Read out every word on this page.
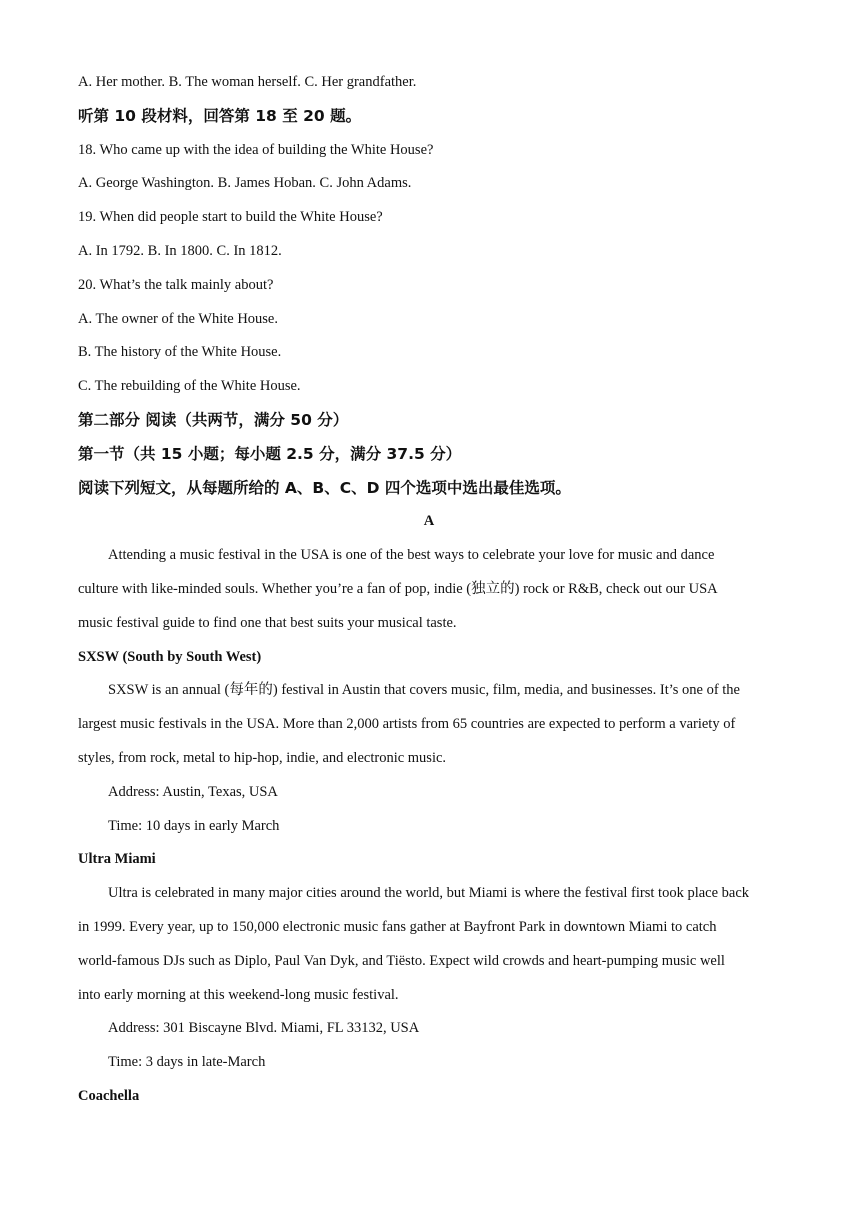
A. Her mother. B. The woman herself. C. Her grandfather.
听第 10 段材料，回答第 18 至 20 题。
18. Who came up with the idea of building the White House?
A. George Washington. B. James Hoban. C. John Adams.
19. When did people start to build the White House?
A. In 1792. B. In 1800. C. In 1812.
20. What’s the talk mainly about?
A. The owner of the White House.
B. The history of the White House.
C. The rebuilding of the White House.
第二部分 阅读（共两节，满分 50 分）
第一节（共 15 小题；每小题 2.5 分，满分 37.5 分）
阅读下列短文，从每题所给的 A、B、C、D 四个选项中选出最佳选项。
A
Attending a music festival in the USA is one of the best ways to celebrate your love for music and dance
culture with like-minded souls. Whether you’re a fan of pop, indie (独立的) rock or R&B, check out our USA
music festival guide to find one that best suits your musical taste.
SXSW (South by South West)
SXSW is an annual (每年的) festival in Austin that covers music, film, media, and businesses. It’s one of the
largest music festivals in the USA. More than 2,000 artists from 65 countries are expected to perform a variety of
styles, from rock, metal to hip-hop, indie, and electronic music.
Address: Austin, Texas, USA
Time: 10 days in early March
Ultra Miami
Ultra is celebrated in many major cities around the world, but Miami is where the festival first took place back
in 1999. Every year, up to 150,000 electronic music fans gather at Bayfront Park in downtown Miami to catch
world-famous DJs such as Diplo, Paul Van Dyk, and Tiësto. Expect wild crowds and heart-pumping music well
into early morning at this weekend-long music festival.
Address: 301 Biscayne Blvd. Miami, FL 33132, USA
Time: 3 days in late-March
Coachella
